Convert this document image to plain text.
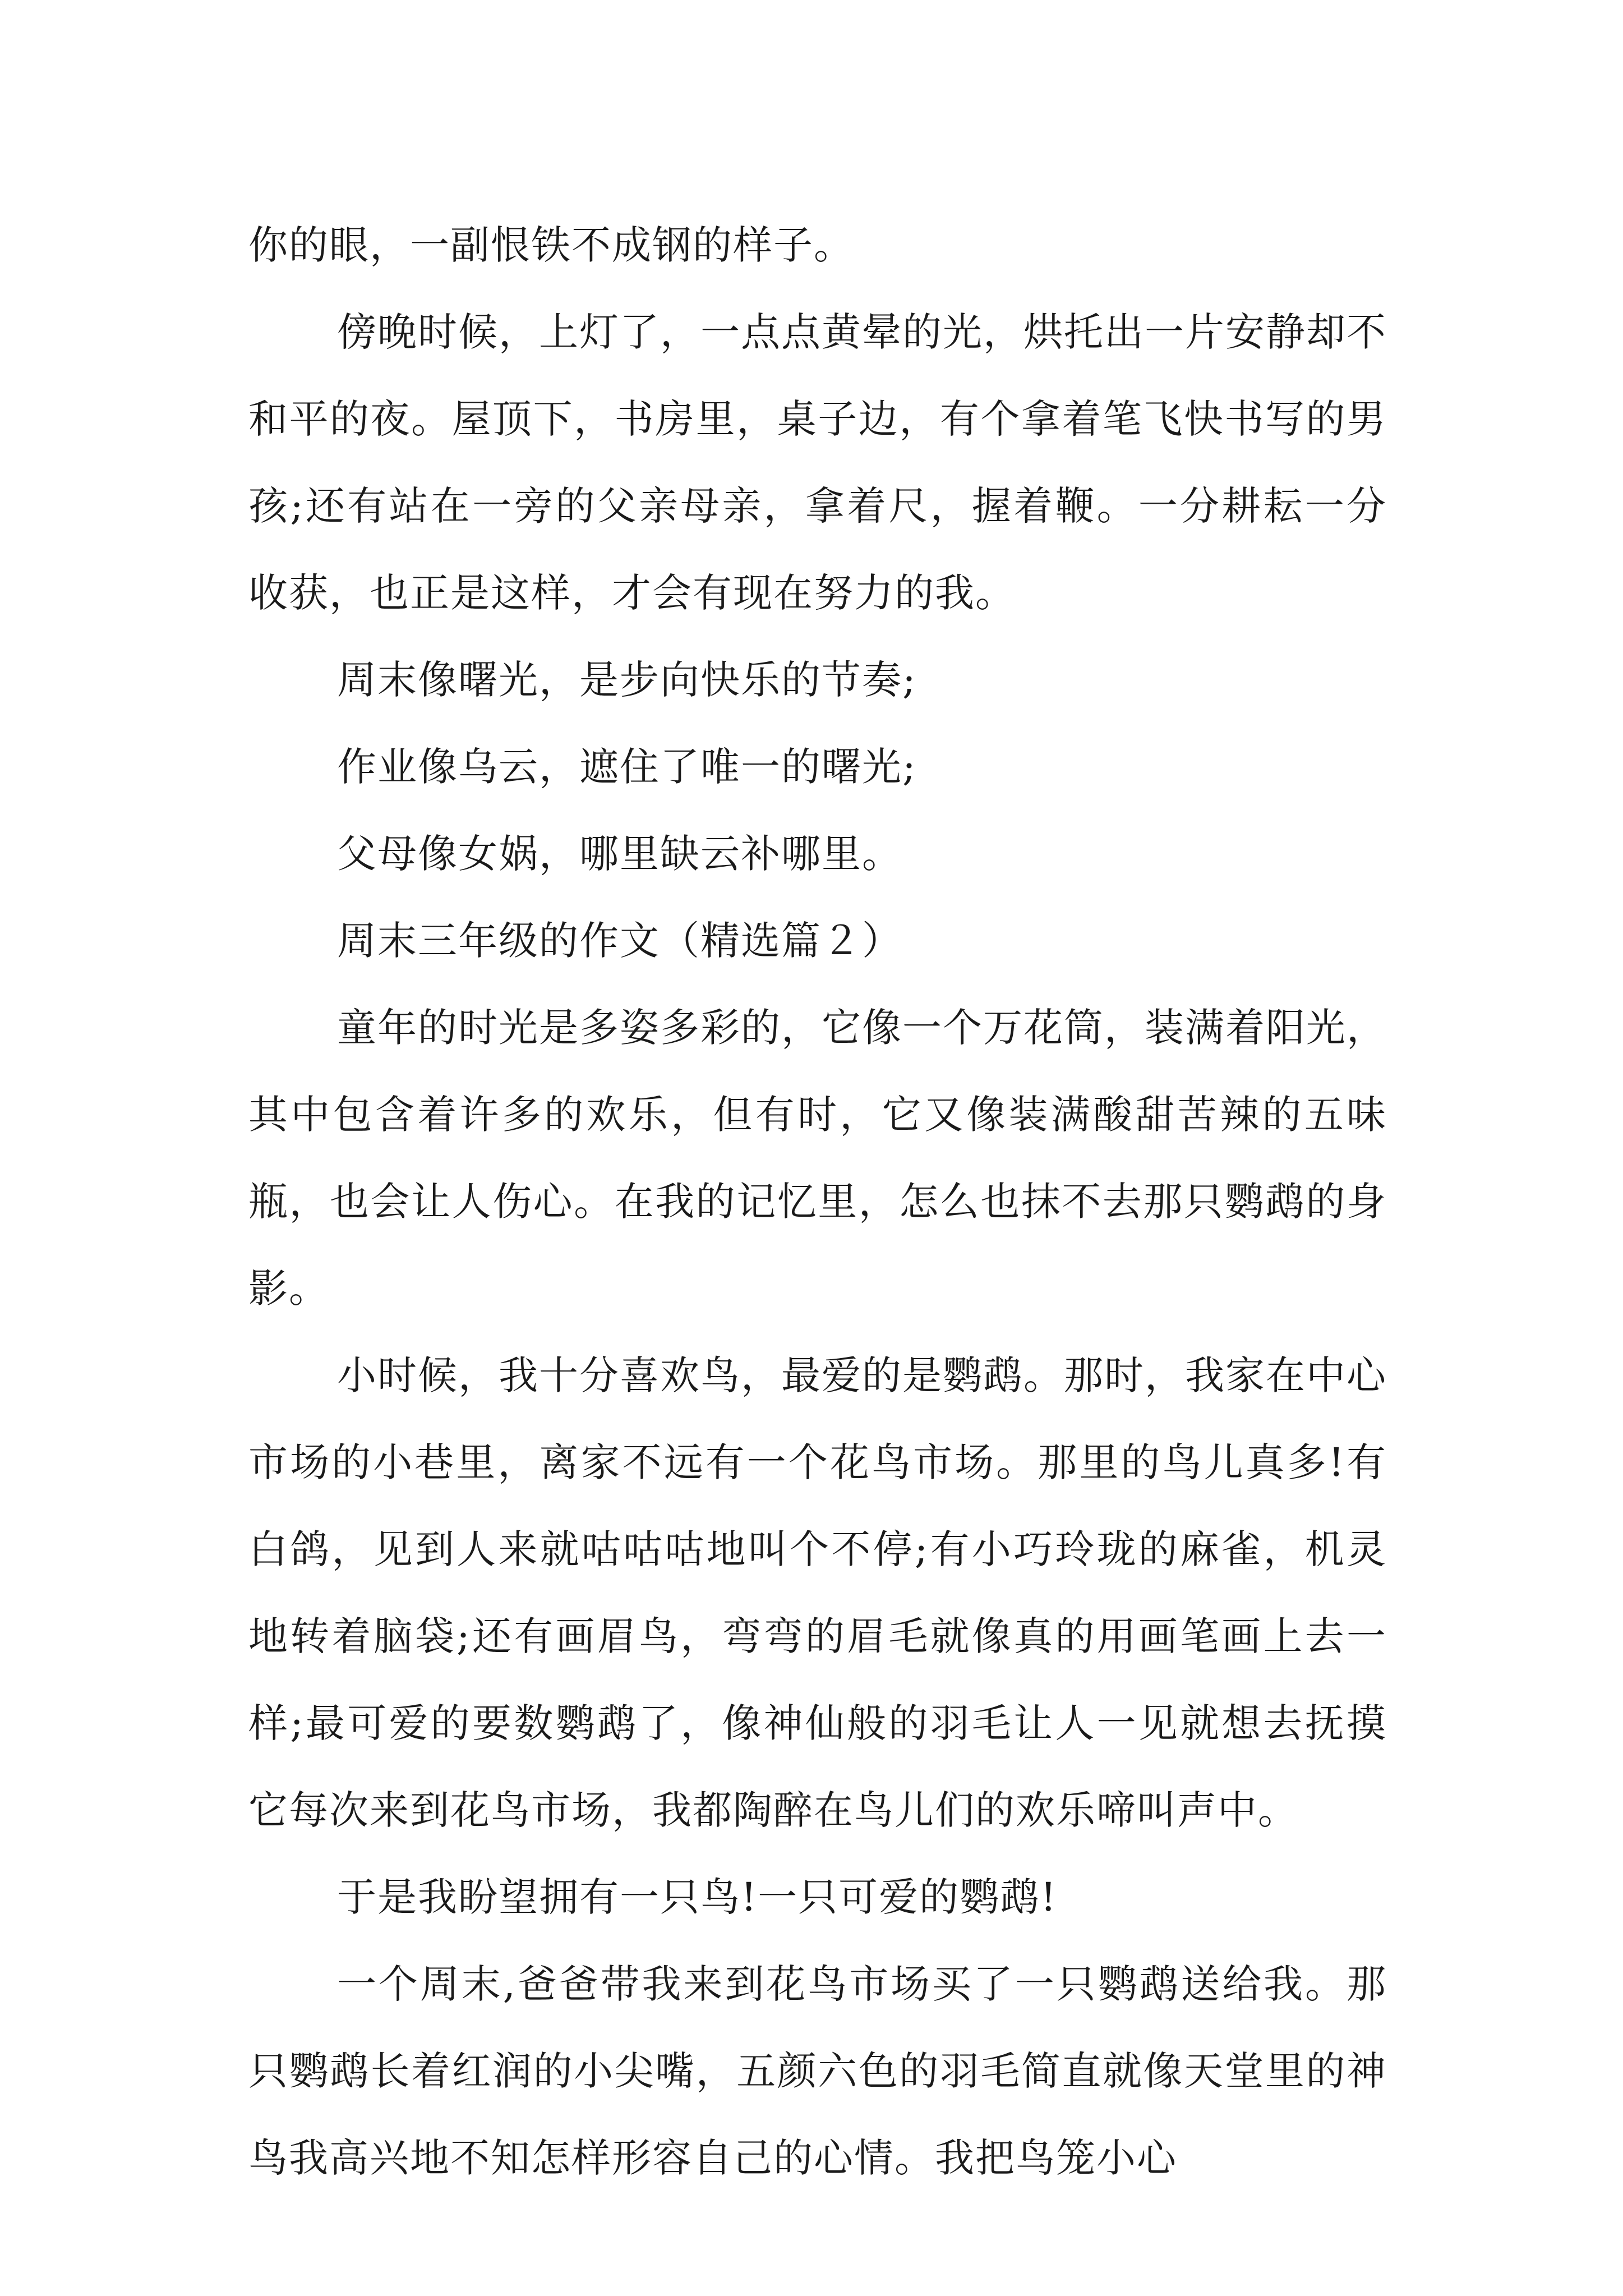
你的眼，一副恨铁不成钢的样子。

傍晚时候，上灯了，一点点黄晕的光，烘托出一片安静却不和平的夜。屋顶下，书房里，桌子边，有个拿着笔飞快书写的男孩;还有站在一旁的父亲母亲，拿着尺，握着鞭。一分耕耘一分收获，也正是这样，才会有现在努力的我。

周末像曙光，是步向快乐的节奏;

作业像乌云，遮住了唯一的曙光;

父母像女娲，哪里缺云补哪里。

周末三年级的作文（精选篇２）

童年的时光是多姿多彩的，它像一个万花筒，装满着阳光，其中包含着许多的欢乐，但有时，它又像装满酸甜苦辣的五味瓶，也会让人伤心。在我的记忆里，怎么也抹不去那只鹦鹉的身影。

小时候，我十分喜欢鸟，最爱的是鹦鹉。那时，我家在中心市场的小巷里，离家不远有一个花鸟市场。那里的鸟儿真多!有白鸽，见到人来就咕咕咕地叫个不停;有小巧玲珑的麻雀，机灵地转着脑袋;还有画眉鸟，弯弯的眉毛就像真的用画笔画上去一样;最可爱的要数鹦鹉了，像神仙般的羽毛让人一见就想去抚摸它每次来到花鸟市场，我都陶醉在鸟儿们的欢乐啼叫声中。

于是我盼望拥有一只鸟!一只可爱的鹦鹉!

一个周末,爸爸带我来到花鸟市场买了一只鹦鹉送给我。那只鹦鹉长着红润的小尖嘴，五颜六色的羽毛简直就像天堂里的神鸟我高兴地不知怎样形容自己的心情。我把鸟笼小心
